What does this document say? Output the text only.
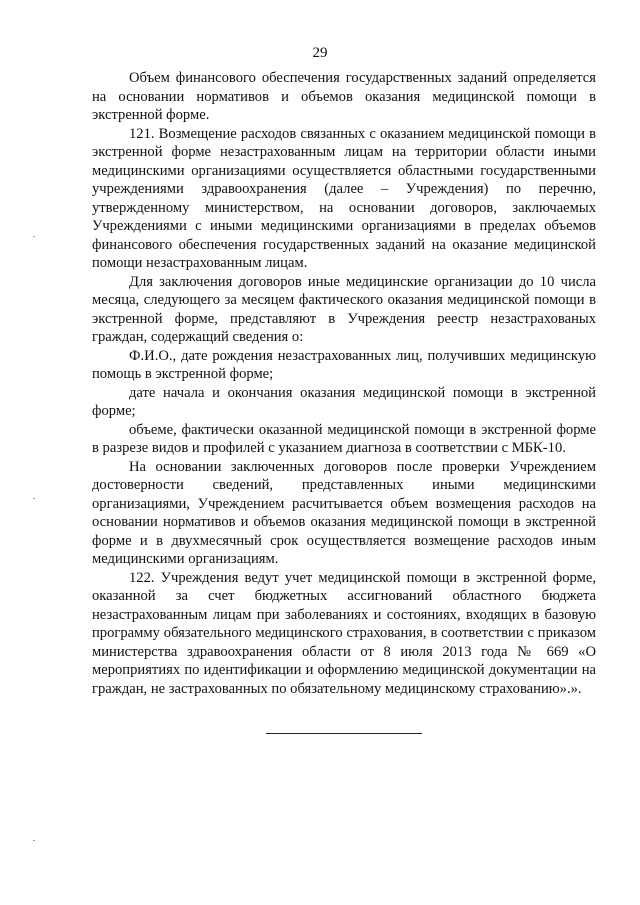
29

Объем финансового обеспечения государственных заданий определяется на основании нормативов и объемов оказания медицинской помощи в экстренной форме.

121. Возмещение расходов связанных с оказанием медицинской помощи в экстренной форме незастрахованным лицам на территории области иными медицинскими организациями осуществляется областными государственными учреждениями здравоохранения (далее – Учреждения) по перечню, утвержденному министерством, на основании договоров, заключаемых Учреждениями с иными медицинскими организациями в пределах объемов финансового обеспечения государственных заданий на оказание медицинской помощи незастрахованным лицам.

Для заключения договоров иные медицинские организации до 10 числа месяца, следующего за месяцем фактического оказания медицинской помощи в экстренной форме, представляют в Учреждения реестр незастрахованых граждан, содержащий сведения о:

Ф.И.О., дате рождения незастрахованных лиц, получивших медицинскую помощь в экстренной форме;

дате начала и окончания оказания медицинской помощи в экстренной форме;

объеме, фактически оказанной медицинской помощи в экстренной форме в разрезе видов и профилей с указанием диагноза в соответствии с МБК-10.

На основании заключенных договоров после проверки Учреждением достоверности сведений, представленных иными медицинскими организациями, Учреждением расчитывается объем возмещения расходов на основании нормативов и объемов оказания медицинской помощи в экстренной форме и в двухмесячный срок осуществляется возмещение расходов иным медицинскими организациям.

122. Учреждения ведут учет медицинской помощи в экстренной форме, оказанной за счет бюджетных ассигнований областного бюджета незастрахованным лицам при заболеваниях и состояниях, входящих в базовую программу обязательного медицинского страхования, в соответствии с приказом министерства здравоохранения области от 8 июля 2013 года № 669 «О мероприятиях по идентификации и оформлению медицинской документации на граждан, не застрахованных по обязательному медицинскому страхованию».».
